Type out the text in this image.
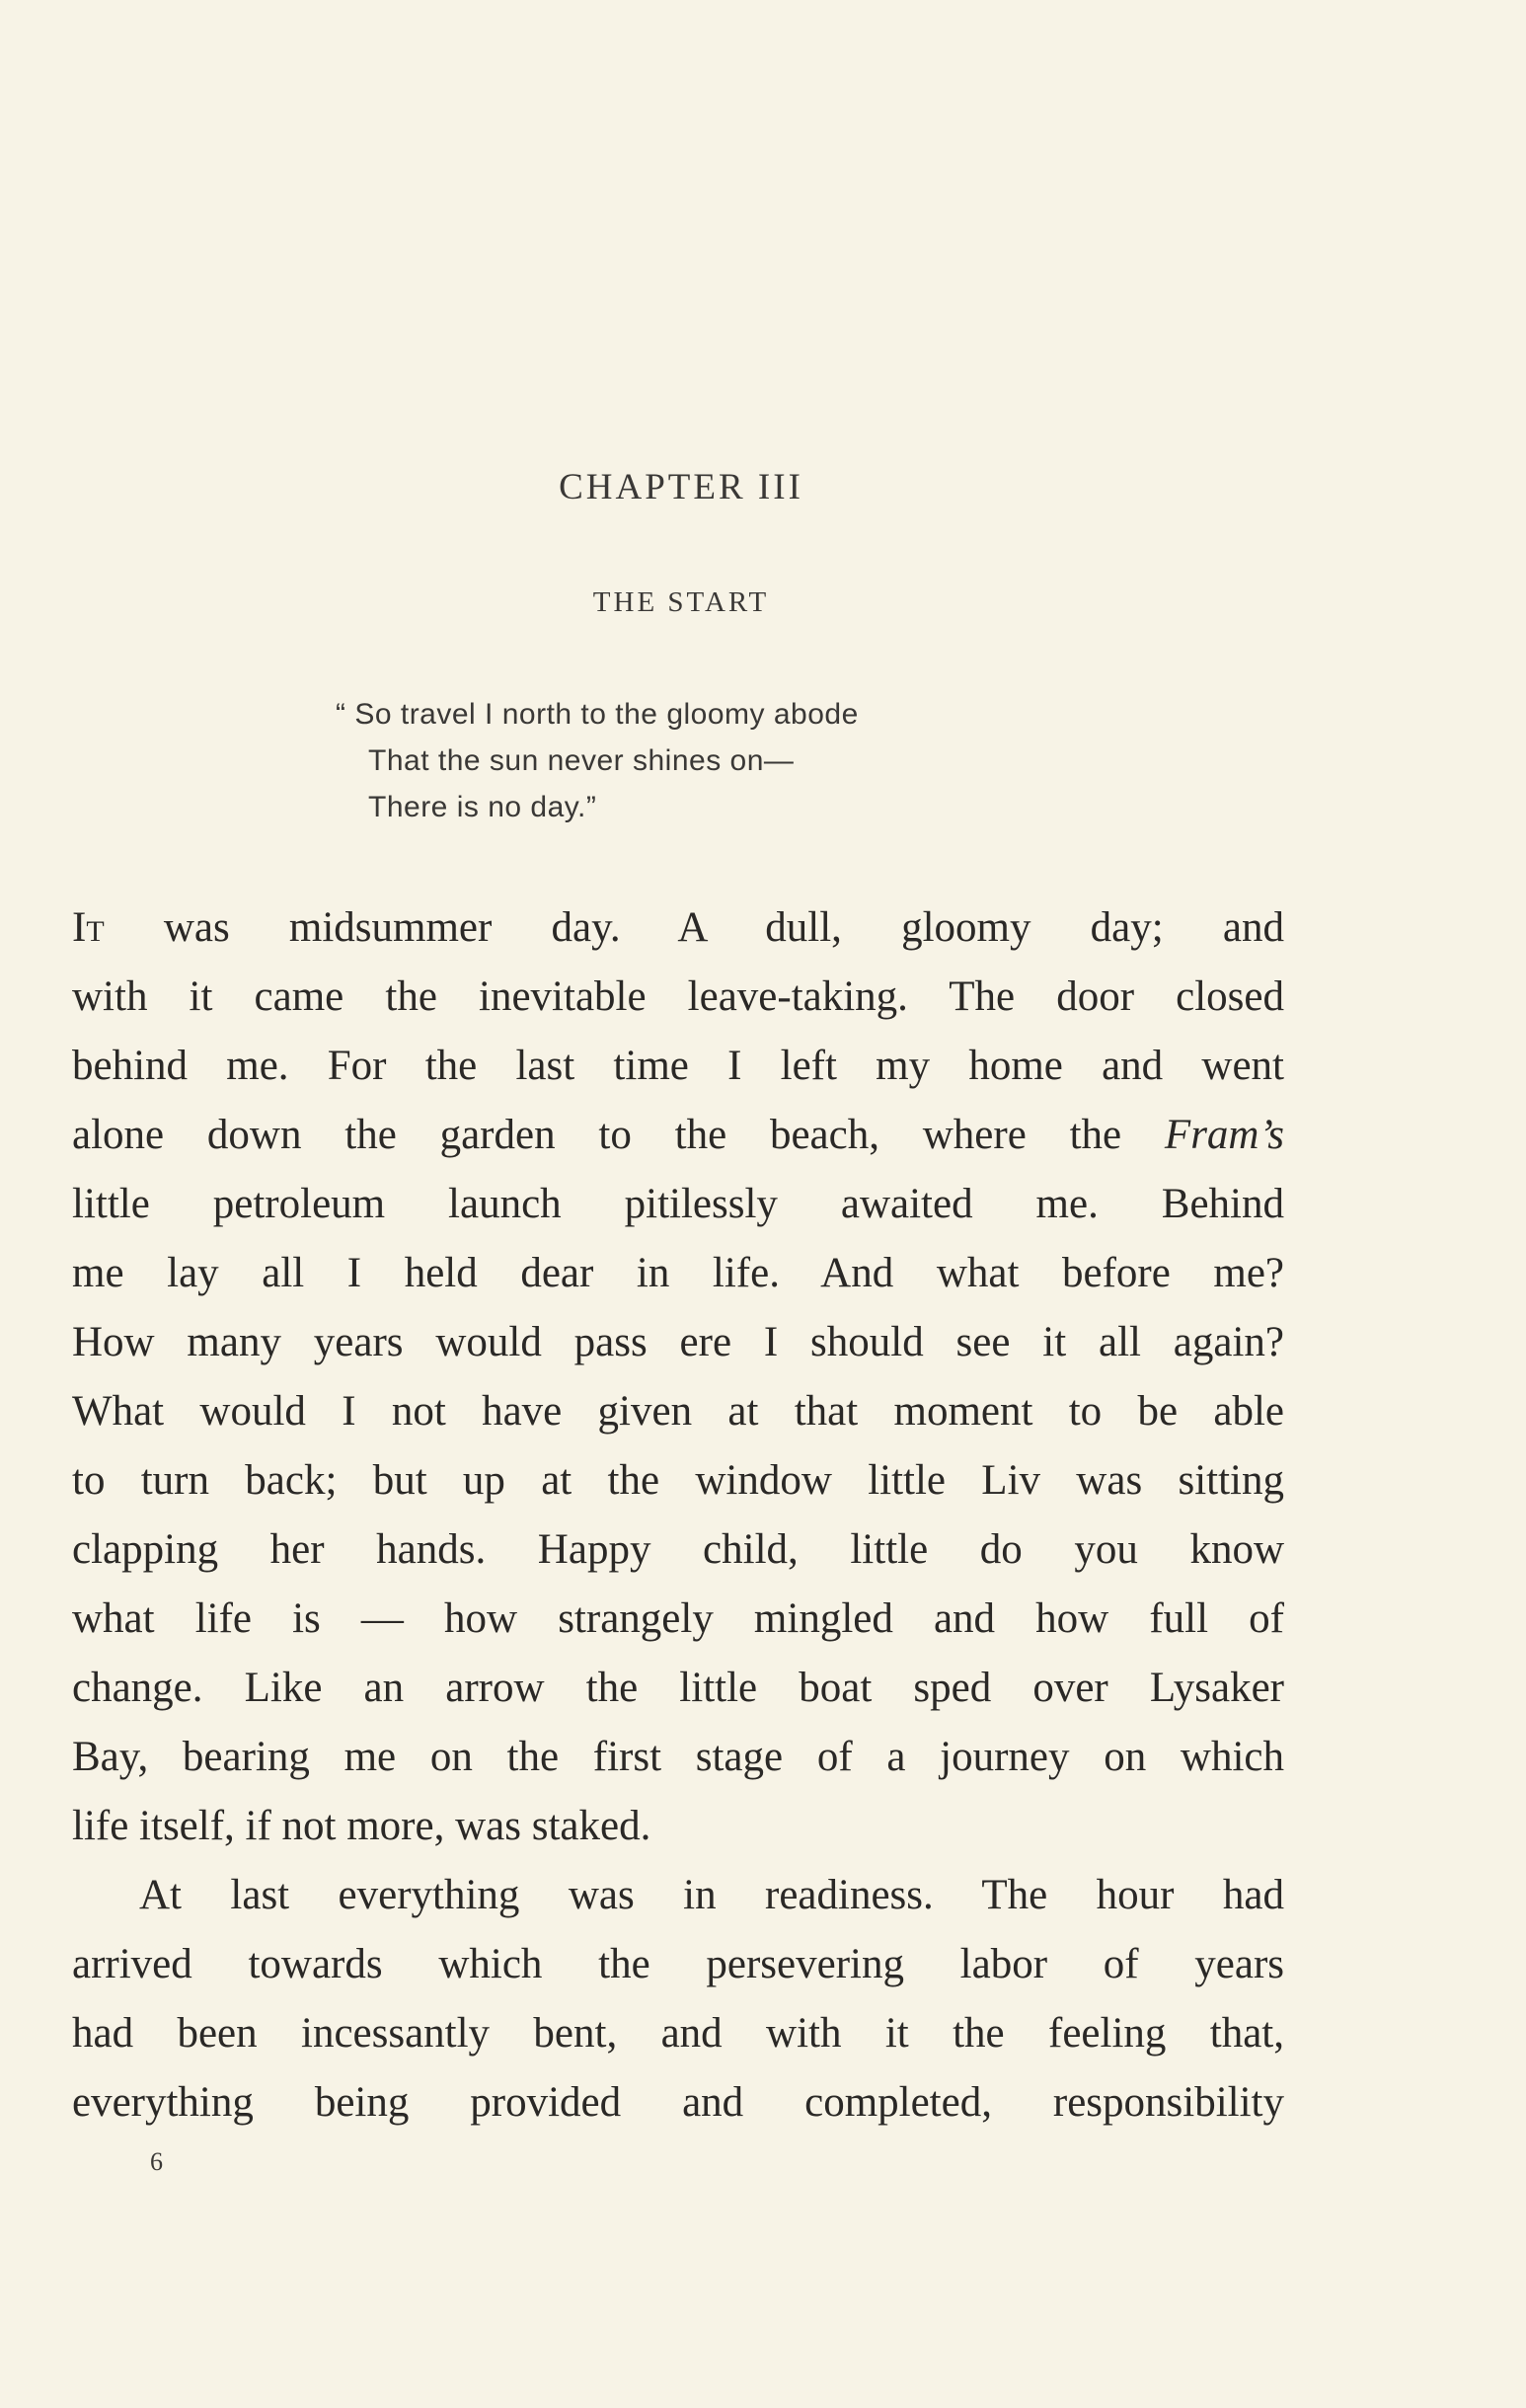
CHAPTER III
THE START
“ So travel I north to the gloomy abode
That the sun never shines on—
There is no day.”
It was midsummer day. A dull, gloomy day; and
with it came the inevitable leave-taking. The door closed
behind me. For the last time I left my home and went
alone down the garden to the beach, where the Fram’s
little petroleum launch pitilessly awaited me. Behind
me lay all I held dear in life. And what before me?
How many years would pass ere I should see it all again?
What would I not have given at that moment to be able
to turn back; but up at the window little Liv was sitting
clapping her hands. Happy child, little do you know
what life is — how strangely mingled and how full of
change. Like an arrow the little boat sped over Lysaker
Bay, bearing me on the first stage of a journey on which
life itself, if not more, was staked.
At last everything was in readiness. The hour had
arrived towards which the persevering labor of years
had been incessantly bent, and with it the feeling that,
everything being provided and completed, responsibility
6
